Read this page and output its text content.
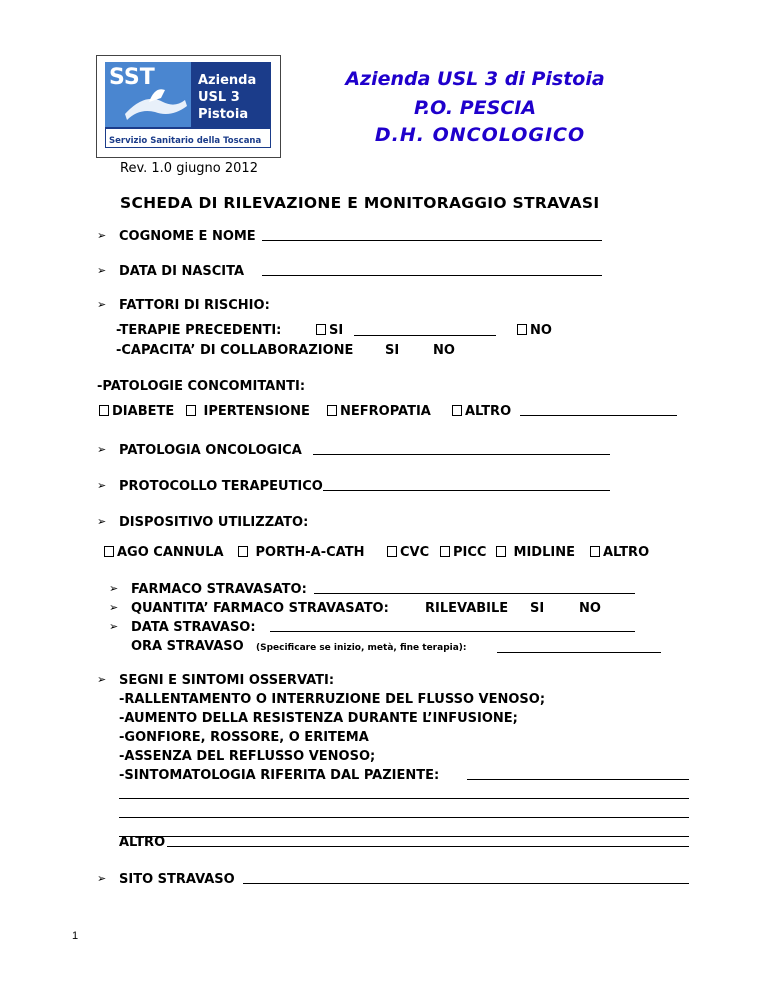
SST	Azienda
USL 3
Pistoia
Servizio Sanitario della Toscana
Azienda USL 3 di Pistoia
P.O. PESCIA
D.H. ONCOLOGICO
Rev. 1.0 giugno 2012
SCHEDA DI RILEVAZIONE E MONITORAGGIO STRAVASI
➢ COGNOME E NOME
➢ DATA DI NASCITA
➢ FATTORI DI RISCHIO:
-TERAPIE PRECEDENTI:	SI	NO
-CAPACITA’ DI COLLABORAZIONE SI	NO
-PATOLOGIE CONCOMITANTI:
DIABETE	IPERTENSIONE	NEFROPATIA	ALTRO
➢ PATOLOGIA ONCOLOGICA
➢ PROTOCOLLO TERAPEUTICO
➢ DISPOSITIVO UTILIZZATO:
AGO CANNULA	PORTH-A-CATH	CVC	PICC	MIDLINE	ALTRO
➢ FARMACO STRAVASATO:
➢ QUANTITA’ FARMACO STRAVASATO:	RILEVABILE SI	NO
➢ DATA STRAVASO:
ORA STRAVASO (Specificare se inizio, metà, fine terapia):
➢ SEGNI E SINTOMI OSSERVATI:
-RALLENTAMENTO O INTERRUZIONE DEL FLUSSO VENOSO;
-AUMENTO DELLA RESISTENZA DURANTE L’INFUSIONE;
-GONFIORE, ROSSORE, O ERITEMA
-ASSENZA DEL REFLUSSO VENOSO;
-SINTOMATOLOGIA RIFERITA DAL PAZIENTE:
ALTRO
➢ SITO STRAVASO
1
